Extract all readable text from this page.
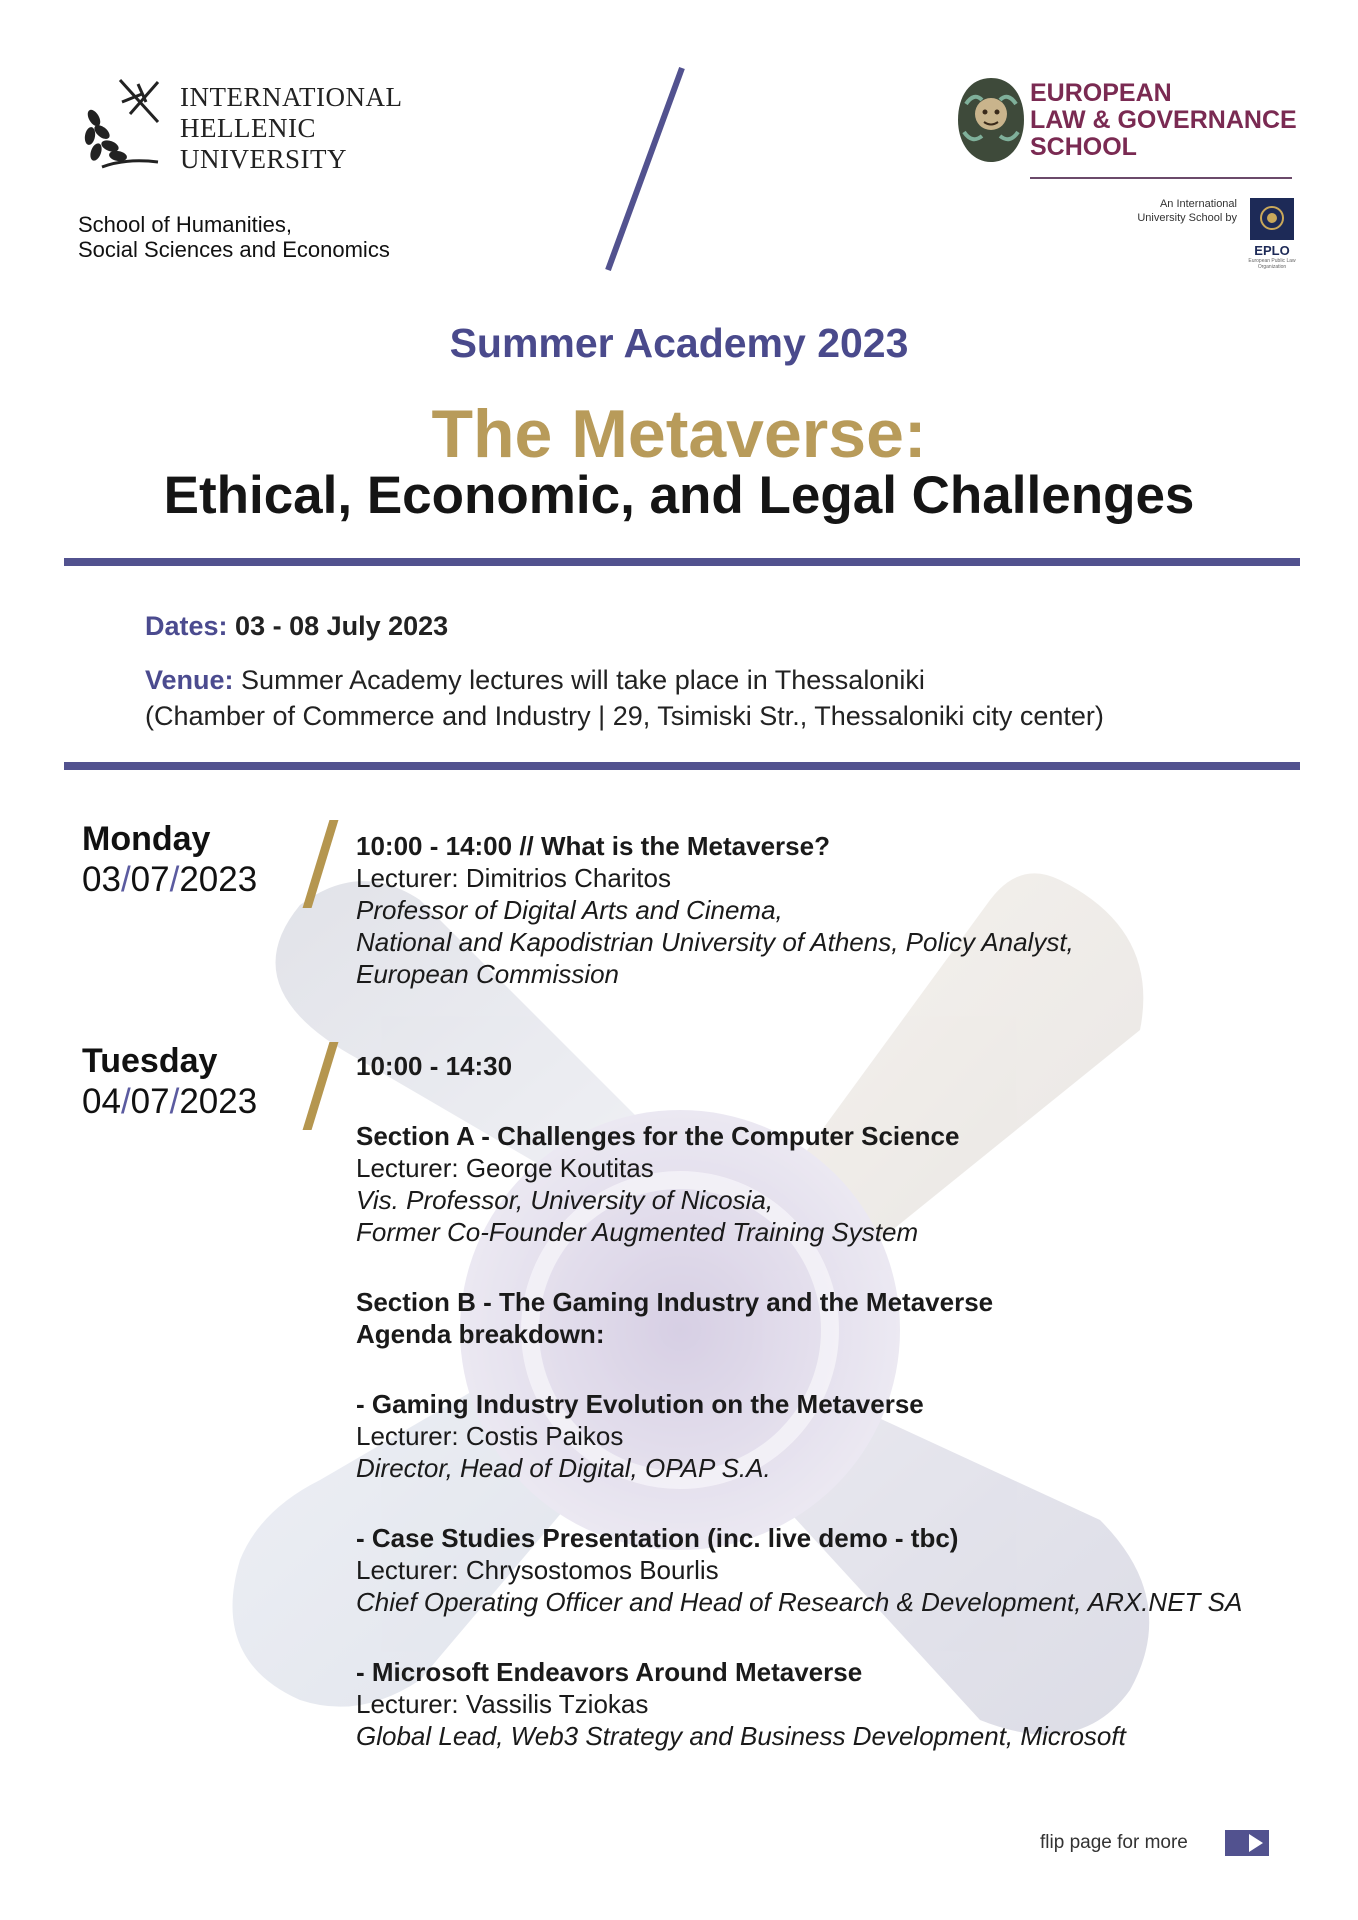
INTERNATIONAL
HELLENIC
UNIVERSITY
School of Humanities,
Social Sciences and Economics
EUROPEAN
LAW & GOVERNANCE
SCHOOL
An International
University School by
EPLO
European Public Law Organization
Summer Academy 2023
The Metaverse:
Ethical, Economic, and Legal Challenges
Dates: 03 - 08 July 2023
Venue: Summer Academy lectures will take place in Thessaloniki
(Chamber of Commerce and Industry | 29, Tsimiski Str., Thessaloniki city center)
Monday
03/07/2023
10:00 - 14:00 // What is the Metaverse?
Lecturer: Dimitrios Charitos
Professor of Digital Arts and Cinema,
National and Kapodistrian University of Athens, Policy Analyst,
European Commission
Tuesday
04/07/2023
10:00 - 14:30
Section A - Challenges for the Computer Science
Lecturer: George Koutitas
Vis. Professor, University of Nicosia,
Former Co-Founder Augmented Training System
Section B - The Gaming Industry and the Metaverse
Agenda breakdown:
- Gaming Industry Evolution on the Metaverse
Lecturer: Costis Paikos
Director, Head of Digital, OPAP S.A.
- Case Studies Presentation (inc. live demo - tbc)
Lecturer: Chrysostomos Bourlis
Chief Operating Officer and Head of Research & Development, ARX.NET SA
- Microsoft Endeavors Around Metaverse
Lecturer: Vassilis Tziokas
Global Lead, Web3 Strategy and Business Development, Microsoft
flip page for more
